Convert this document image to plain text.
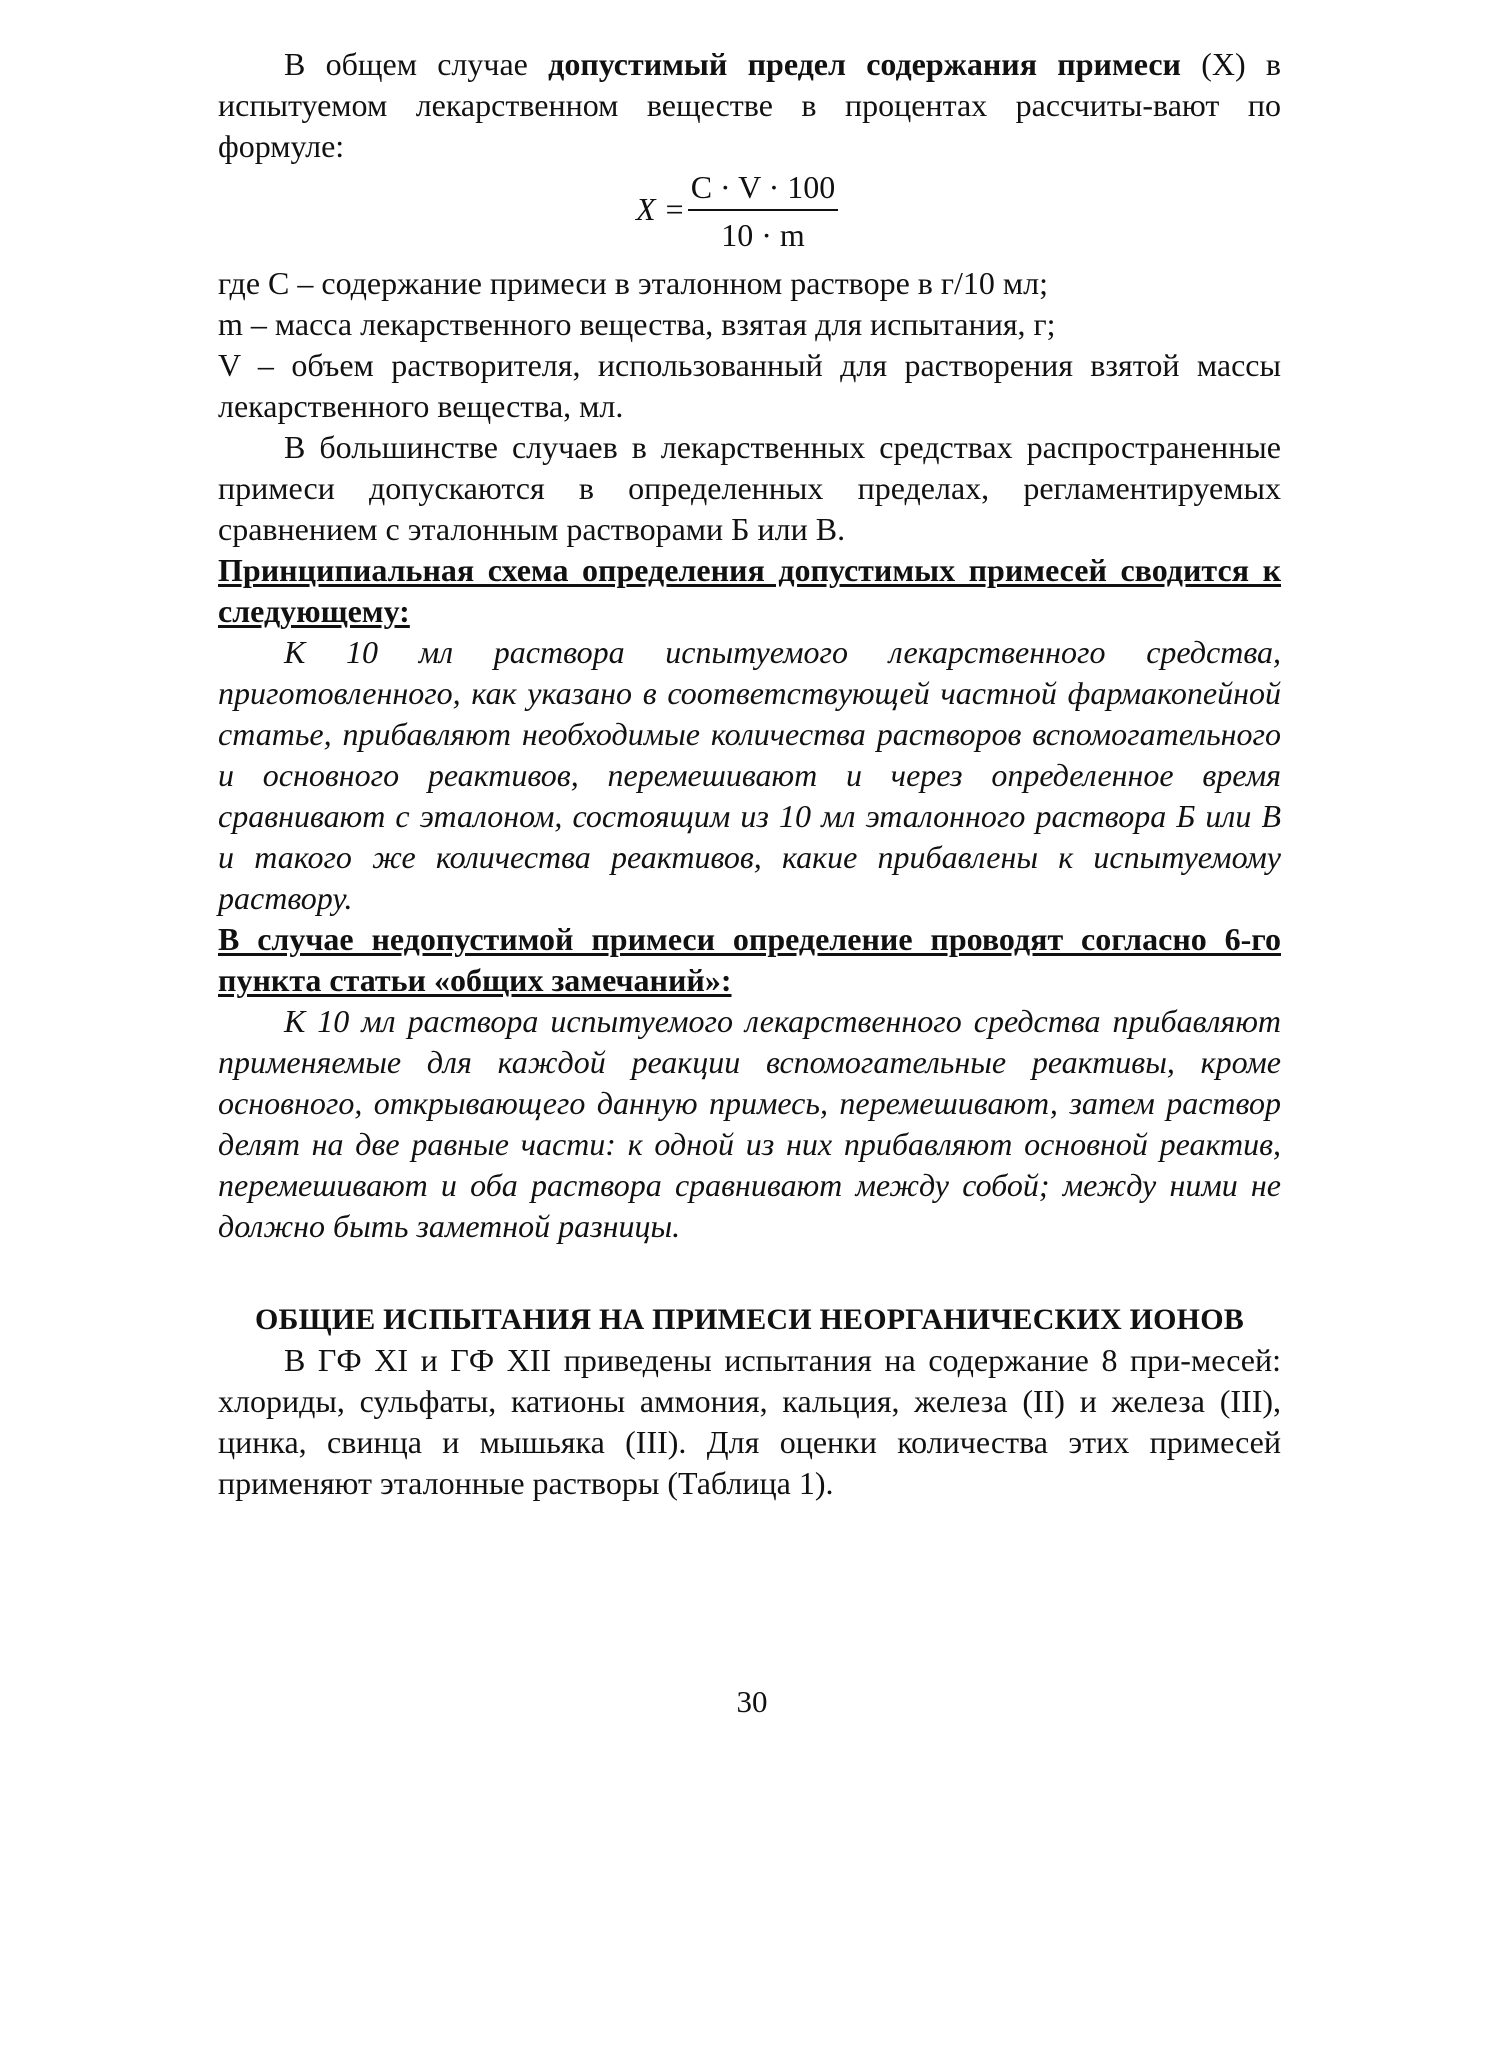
В общем случае допустимый предел содержания примеси (X) в испытуемом лекарственном веществе в процентах рассчиты-вают по формуле:

X =
C · V · 100
10 · m

где С – содержание примеси в эталонном растворе в г/10 мл;

m – масса лекарственного вещества, взятая для испытания, г;

V – объем растворителя, использованный для растворения взятой массы лекарственного вещества, мл.

В большинстве случаев в лекарственных средствах распространенные примеси допускаются в определенных пределах, регламентируемых сравнением с эталонным растворами Б или В.

Принципиальная схема определения допустимых примесей сводится к следующему:

К 10 мл раствора испытуемого лекарственного средства, приготовленного, как указано в соответствующей частной фармакопейной статье, прибавляют необходимые количества растворов вспомогательного и основного реактивов, перемешивают и через определенное время сравнивают с эталоном, состоящим из 10 мл эталонного раствора Б или В и такого же количества реактивов, какие прибавлены к испытуемому раствору.

В случае недопустимой примеси определение проводят согласно 6-го пункта статьи «общих замечаний»:

К 10 мл раствора испытуемого лекарственного средства прибавляют применяемые для каждой реакции вспомогательные реактивы, кроме основного, открывающего данную примесь, перемешивают, затем раствор делят на две равные части: к одной из них прибавляют основной реактив, перемешивают и оба раствора сравнивают между собой; между ними не должно быть заметной разницы.

ОБЩИЕ ИСПЫТАНИЯ НА ПРИМЕСИ НЕОРГАНИЧЕСКИХ ИОНОВ

В ГФ XI и ГФ XII приведены испытания на содержание 8 при-месей: хлориды, сульфаты, катионы аммония, кальция, железа (II) и железа (III), цинка, свинца и мышьяка (III). Для оценки количества этих примесей применяют эталонные растворы (Таблица 1).

30
